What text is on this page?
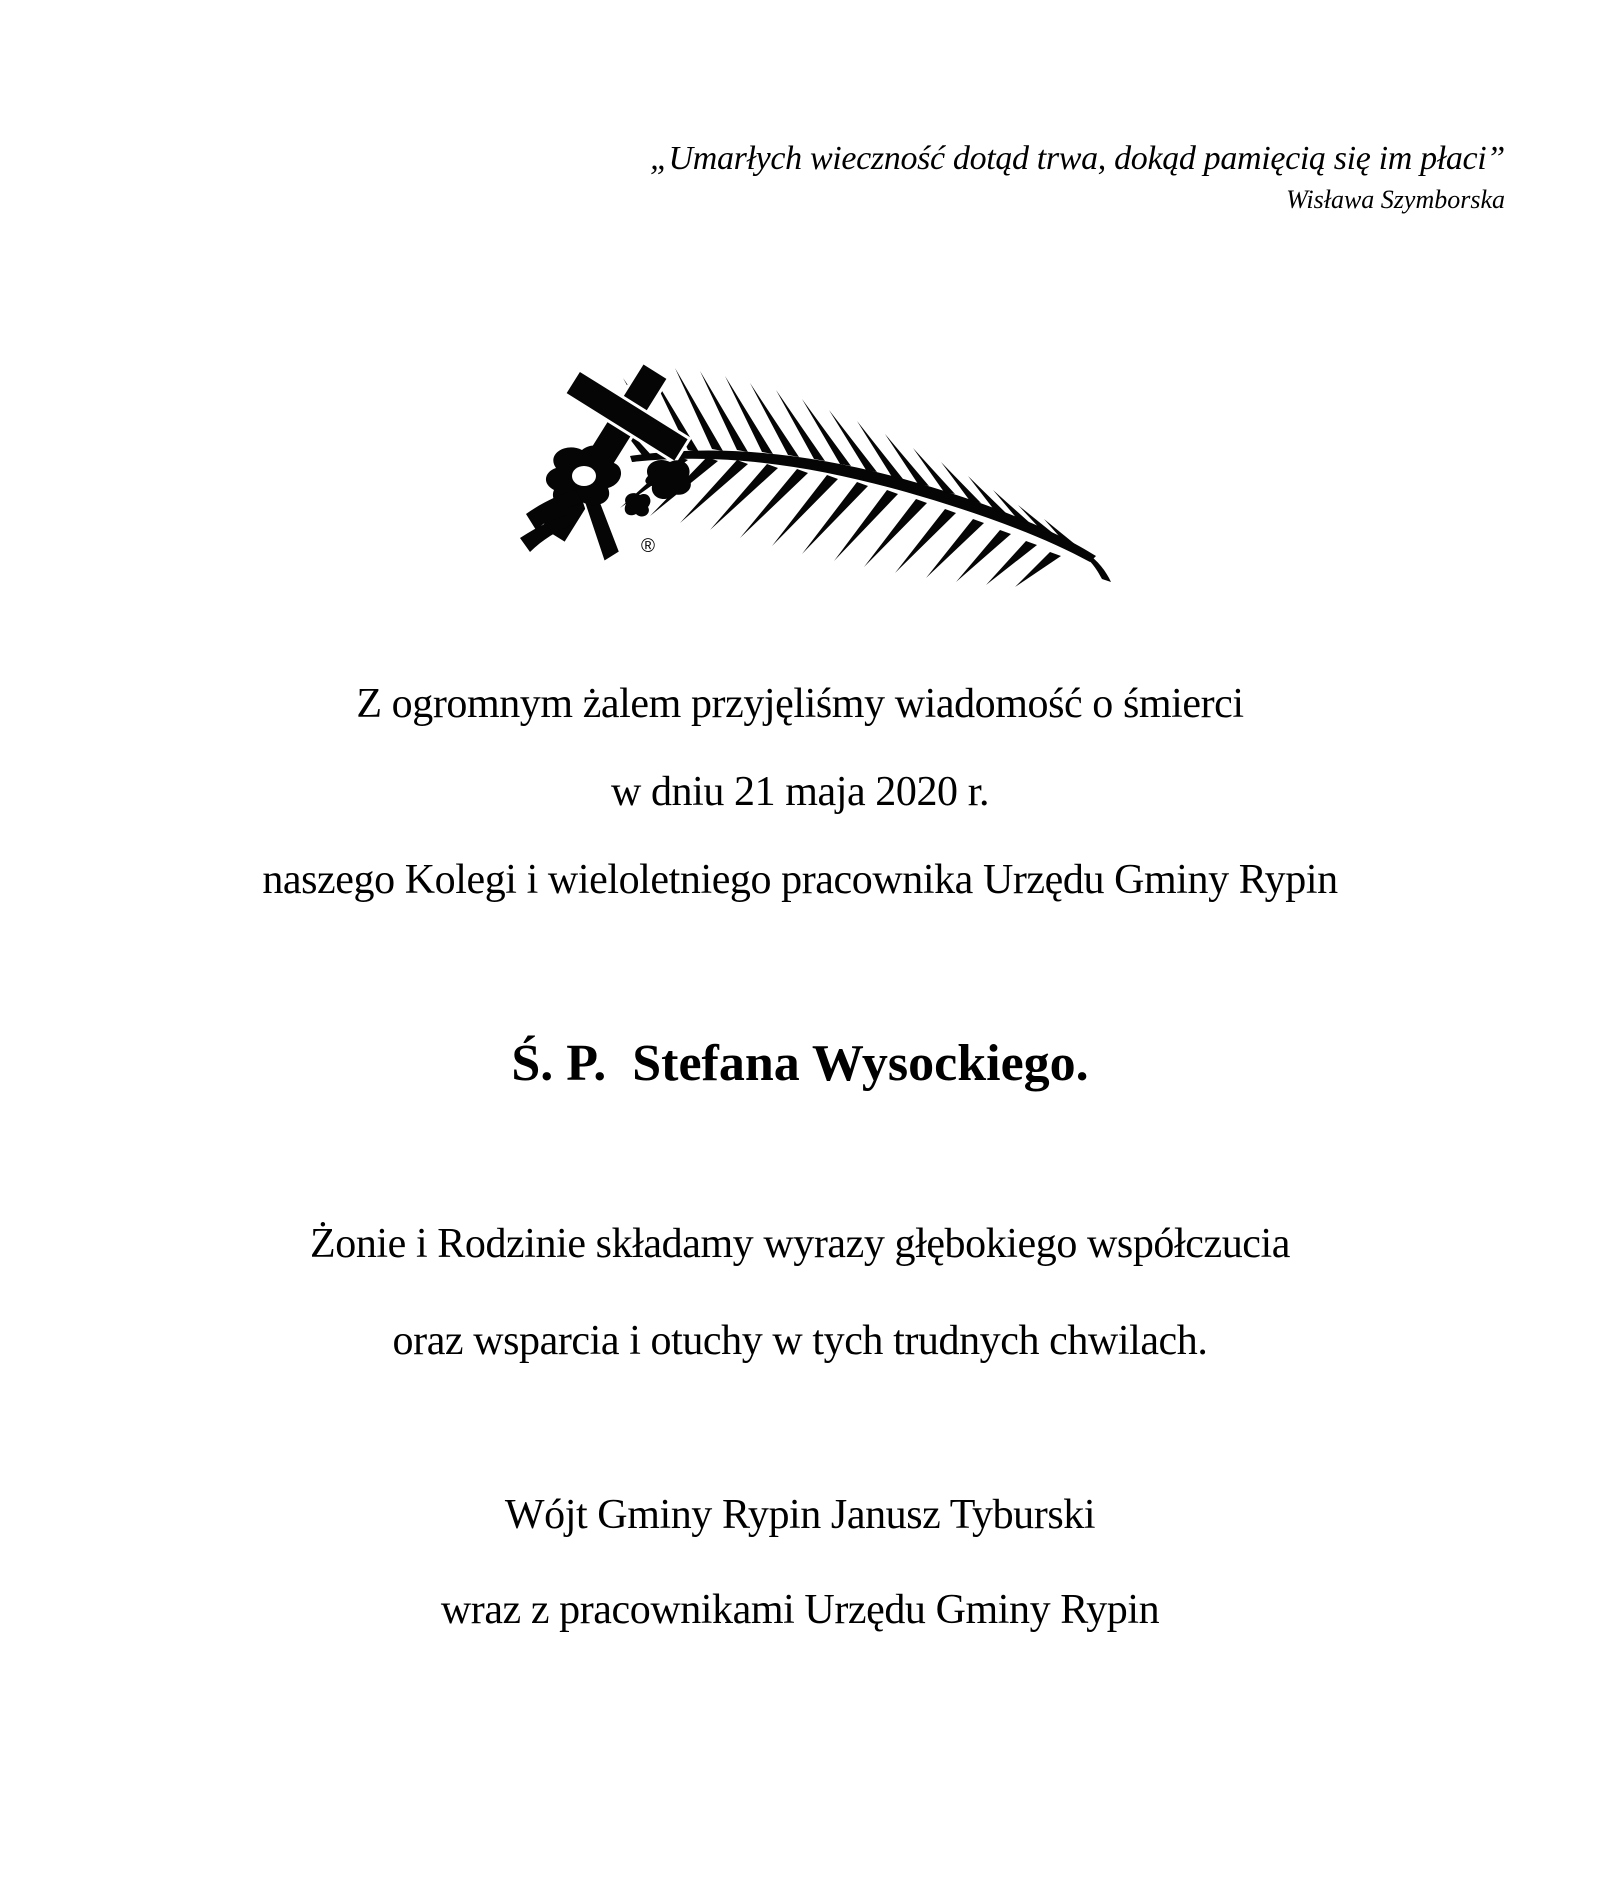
„Umarłych wieczność dotąd trwa, dokąd pamięcią się im płaci”
Wisława Szymborska
®
Z ogromnym żalem przyjęliśmy wiadomość o śmierci
w dniu 21 maja 2020 r.
naszego Kolegi i wieloletniego pracownika Urzędu Gminy Rypin
Ś. P.  Stefana Wysockiego.
Żonie i Rodzinie składamy wyrazy głębokiego współczucia
oraz wsparcia i otuchy w tych trudnych chwilach.
Wójt Gminy Rypin Janusz Tyburski
wraz z pracownikami Urzędu Gminy Rypin
